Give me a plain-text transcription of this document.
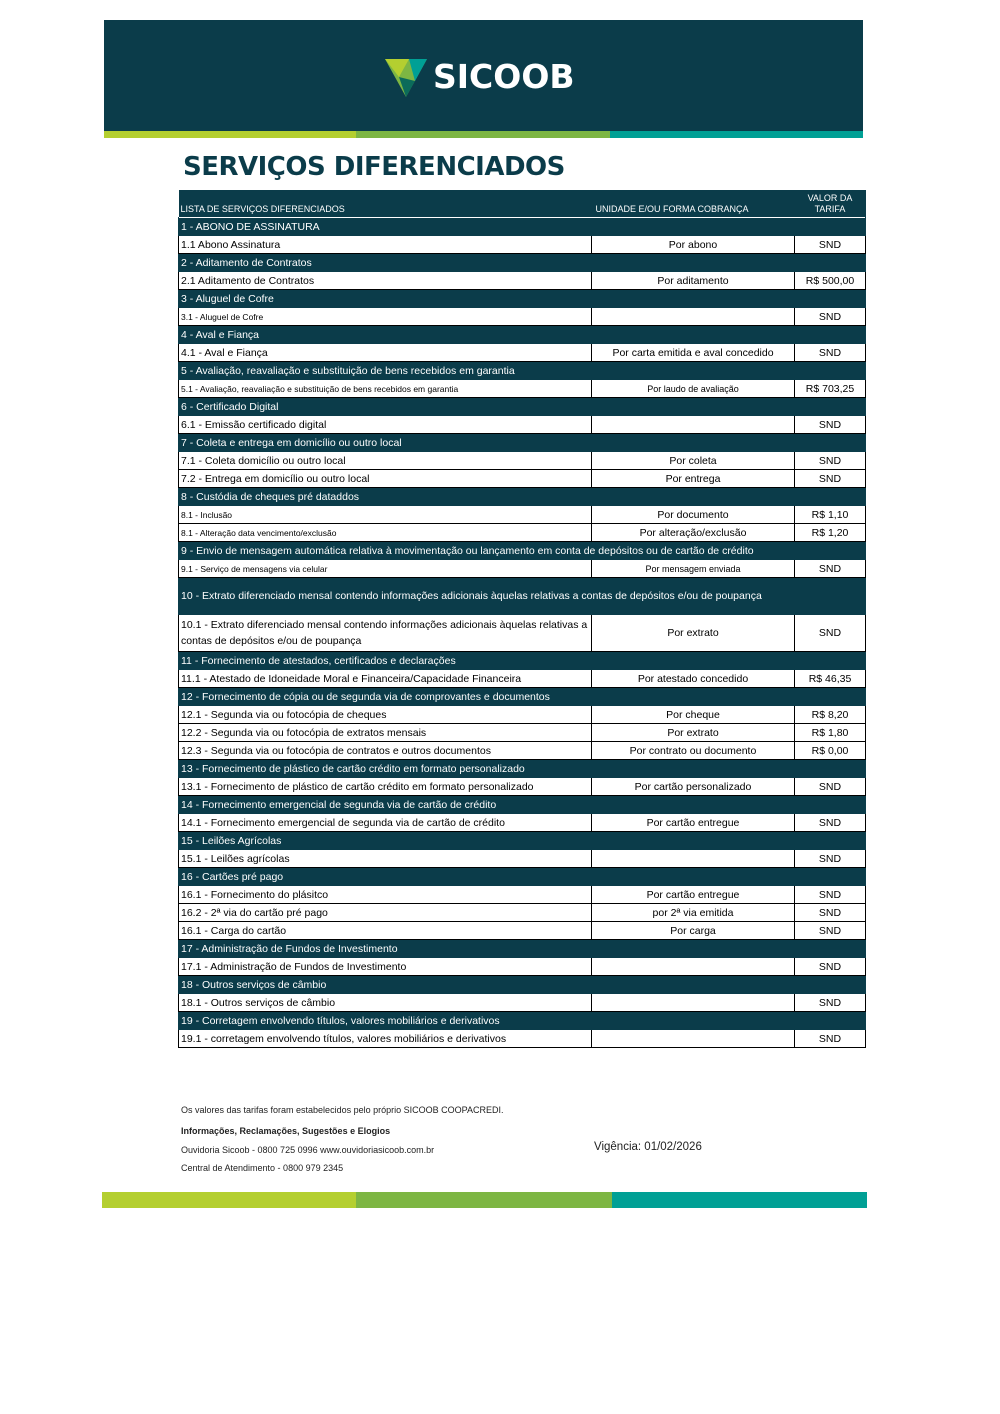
SICOOB
SERVIÇOS DIFERENCIADOS
LISTA DE SERVIÇOS DIFERENCIADOS	UNIDADE E/OU FORMA COBRANÇA	VALOR DA TARIFA
1 - ABONO DE ASSINATURA		
1.1 Abono Assinatura	Por abono	SND
2 - Aditamento de Contratos		
2.1 Aditamento de Contratos	Por aditamento	R$ 500,00
3 - Aluguel de Cofre		
3.1 - Aluguel de Cofre		SND
4 - Aval e Fiança		
4.1 - Aval e Fiança	Por carta emitida e aval concedido	SND
5 - Avaliação, reavaliação e substituição de bens recebidos em garantia		
5.1 - Avaliação, reavaliação e substituição de bens recebidos em garantia	Por laudo de avaliação	R$ 703,25
6 - Certificado Digital		
6.1 - Emissão certificado digital		SND
7 - Coleta e entrega em domicílio ou outro local		
7.1 - Coleta domicílio ou outro local	Por coleta	SND
7.2 - Entrega em domicílio ou outro local	Por entrega	SND
8 - Custódia de cheques pré dataddos		
8.1 - Inclusão	Por documento	R$ 1,10
8.1 - Alteração data vencimento/exclusão	Por alteração/exclusão	R$ 1,20
9 - Envio de mensagem automática relativa à movimentação ou lançamento em conta de depósitos ou de cartão de crédito		
9.1 - Serviço de mensagens via celular	Por mensagem enviada	SND
10 - Extrato diferenciado mensal contendo informações adicionais àquelas relativas a contas de depósitos e/ou de poupança		
10.1 - Extrato diferenciado mensal contendo informações adicionais àquelas relativas a contas de depósitos e/ou de poupança	Por extrato	SND
11 - Fornecimento de atestados, certificados e declarações		
11.1 - Atestado de Idoneidade Moral e Financeira/Capacidade Financeira	Por atestado concedido	R$ 46,35
12 - Fornecimento de cópia ou de segunda via de comprovantes e documentos		
12.1 - Segunda via ou fotocópia de cheques	Por cheque	R$ 8,20
12.2 - Segunda via ou fotocópia de extratos mensais	Por extrato	R$ 1,80
12.3 - Segunda via ou fotocópia de contratos e outros documentos	Por contrato ou documento	R$ 0,00
13 - Fornecimento de plástico de cartão crédito em formato personalizado		
13.1 - Fornecimento de plástico de cartão crédito em formato personalizado	Por cartão personalizado	SND
14 - Fornecimento emergencial de segunda via de cartão de crédito		
14.1 - Fornecimento emergencial de segunda via de cartão de crédito	Por cartão entregue	SND
15 - Leilões Agrícolas		
15.1 - Leilões agrícolas		SND
16 - Cartões pré pago		
16.1 - Fornecimento do plásitco	Por cartão entregue	SND
16.2 - 2ª via do cartão pré pago	por 2ª via emitida	SND
16.1 - Carga do cartão	Por carga	SND
17 - Administração de Fundos de Investimento		
17.1 - Administração de Fundos de Investimento		SND
18 - Outros serviços de câmbio		
18.1 - Outros serviços de câmbio		SND
19 - Corretagem envolvendo títulos, valores mobiliários e derivativos		
19.1 - corretagem envolvendo títulos, valores mobiliários e derivativos		SND
Os valores das tarifas foram estabelecidos pelo próprio SICOOB COOPACREDI.
Informações, Reclamações, Sugestões e Elogios
Ouvidoria Sicoob - 0800 725 0996 www.ouvidoriasicoob.com.br
Central de Atendimento - 0800 979 2345
Vigência: 01/02/2026
